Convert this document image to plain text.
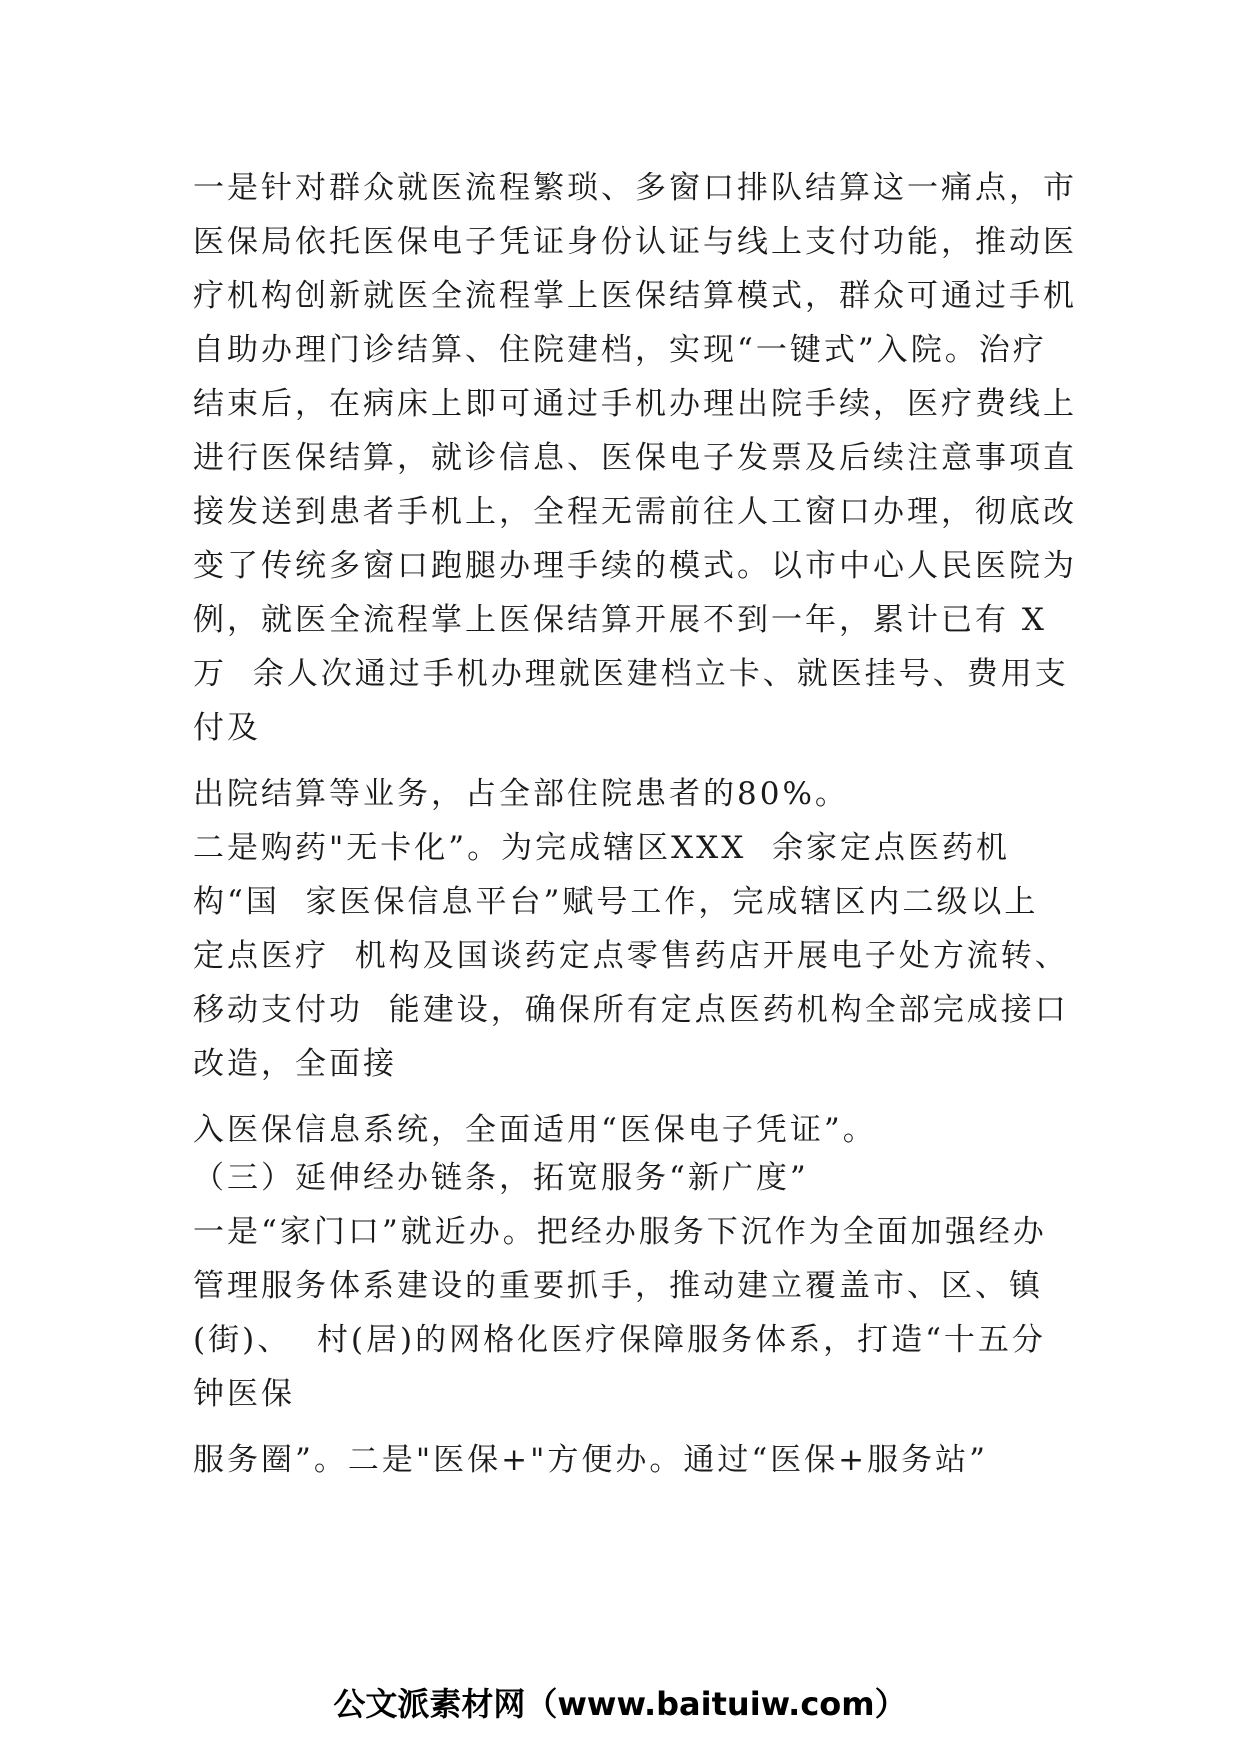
一是针对群众就医流程繁琐、多窗口排队结算这一痛点，市
医保局依托医保电子凭证身份认证与线上支付功能，推动医
疗机构创新就医全流程掌上医保结算模式，群众可通过手机
自助办理门诊结算、住院建档，实现“一键式”入院。治疗
结束后，在病床上即可通过手机办理出院手续，医疗费线上
进行医保结算，就诊信息、医保电子发票及后续注意事项直
接发送到患者手机上，全程无需前往人工窗口办理，彻底改
变了传统多窗口跑腿办理手续的模式。以市中心人民医院为
例，就医全流程掌上医保结算开展不到一年，累计已有 X
万  余人次通过手机办理就医建档立卡、就医挂号、费用支
付及
出院结算等业务，占全部住院患者的80%。
二是购药"无卡化”。为完成辖区XXX  余家定点医药机
构“国  家医保信息平台”赋号工作，完成辖区内二级以上
定点医疗  机构及国谈药定点零售药店开展电子处方流转、
移动支付功  能建设，确保所有定点医药机构全部完成接口
改造，全面接
入医保信息系统，全面适用“医保电子凭证”。
（三）延伸经办链条，拓宽服务“新广度”
一是“家门口”就近办。把经办服务下沉作为全面加强经办
管理服务体系建设的重要抓手，推动建立覆盖市、区、镇
(街)、  村(居)的网格化医疗保障服务体系，打造“十五分
钟医保
服务圈”。二是"医保+"方便办。通过“医保+服务站”
公文派素材网（www.baituiw.com）
